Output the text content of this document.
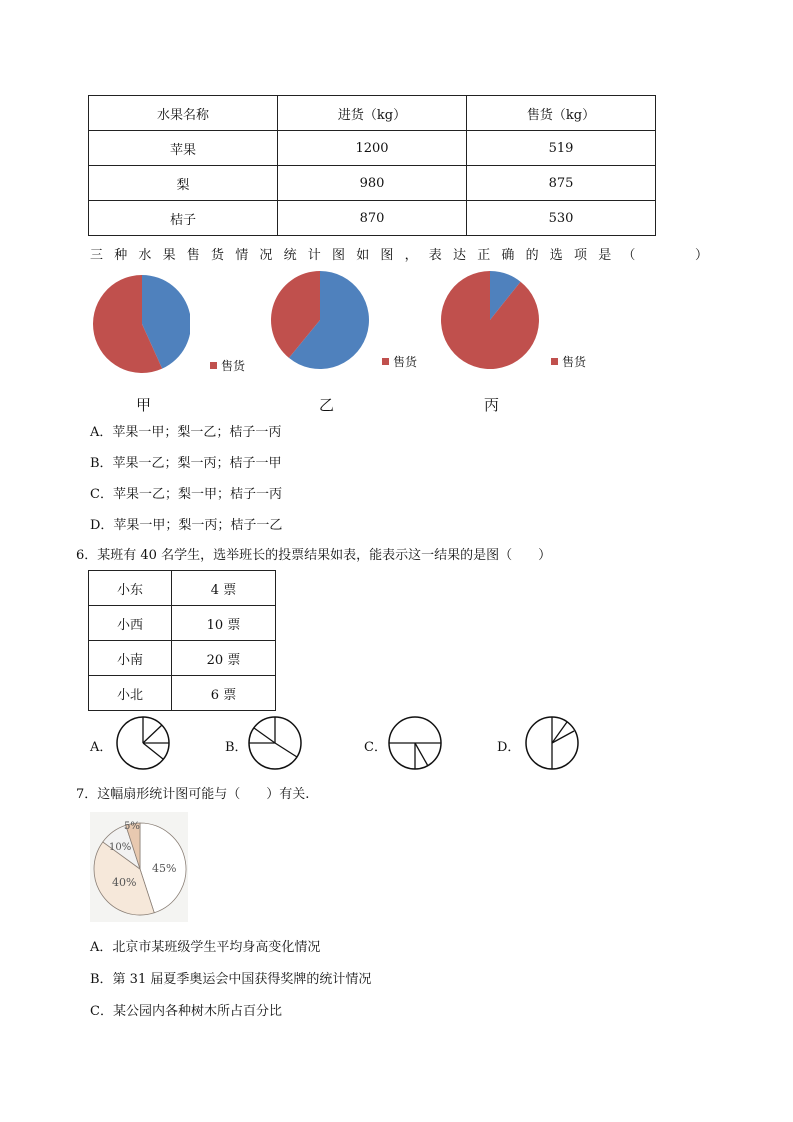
水果名称	进货（kg）	售货（kg）
苹果	1200	519
梨	980	875
桔子	870	530
三种水果售货情况统计图如图，表达正确的选项是（　　）
售货	售货	售货
甲	乙	丙
A．苹果一甲；梨一乙；桔子一丙
B．苹果一乙；梨一丙；桔子一甲
C．苹果一乙；梨一甲；桔子一丙
D．苹果一甲；梨一丙；桔子一乙
6．某班有 40 名学生，选举班长的投票结果如表，能表示这一结果的是图（　　）
小东	4 票
小西	10 票
小南	20 票
小北	6 票
A．	B．	C．	D．
7．这幅扇形统计图可能与（　　）有关.
5%
10%
40%
45%
A．北京市某班级学生平均身高变化情况
B．第 31 届夏季奥运会中国获得奖牌的统计情况
C．某公园内各种树木所占百分比
